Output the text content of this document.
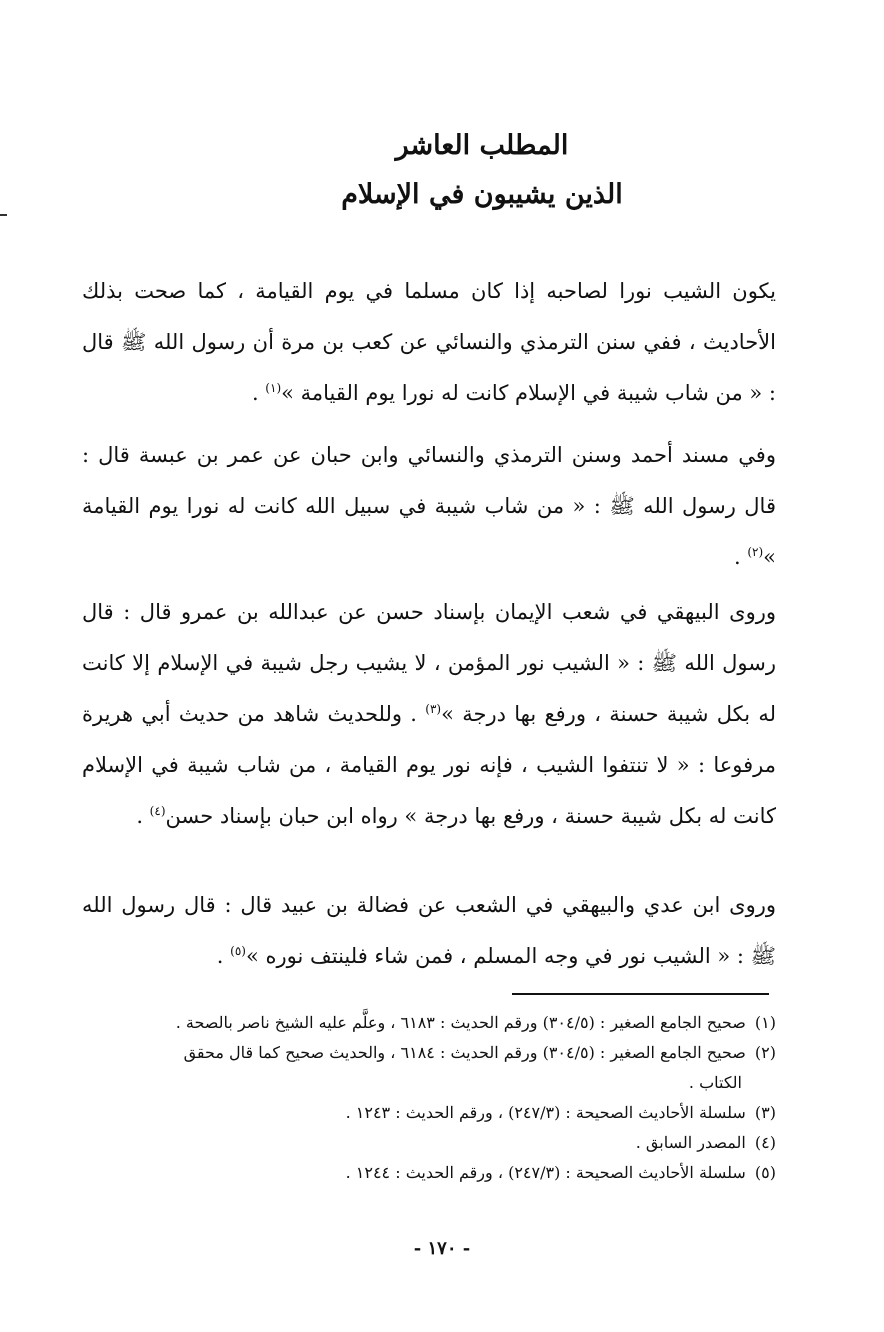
المطلب العاشر
الذين يشيبون في الإسلام

يكون الشيب نورا لصاحبه إذا كان مسلما في يوم القيامة ، كما صحت بذلك الأحاديث ، ففي سنن الترمذي والنسائي عن كعب بن مرة أن رسول الله ﷺ قال : « من شاب شيبة في الإسلام كانت له نورا يوم القيامة »$^{(١)}$ .

وفي مسند أحمد وسنن الترمذي والنسائي وابن حبان عن عمر بن عبسة قال : قال رسول الله ﷺ : « من شاب شيبة في سبيل الله كانت له نورا يوم القيامة »$^{(٢)}$ .

وروى البيهقي في شعب الإيمان بإسناد حسن عن عبدالله بن عمرو قال : قال رسول الله ﷺ : « الشيب نور المؤمن ، لا يشيب رجل شيبة في الإسلام إلا كانت له بكل شيبة حسنة ، ورفع بها درجة »$^{(٣)}$ . وللحديث شاهد من حديث أبي هريرة مرفوعا : « لا تنتفوا الشيب ، فإنه نور يوم القيامة ، من شاب شيبة في الإسلام كانت له بكل شيبة حسنة ، ورفع بها درجة » رواه ابن حبان بإسناد حسن$^{(٤)}$ .

وروى ابن عدي والبيهقي في الشعب عن فضالة بن عبيد قال : قال رسول الله ﷺ : « الشيب نور في وجه المسلم ، فمن شاء فلينتف نوره »$^{(٥)}$ .

(١) صحيح الجامع الصغير : (٣٠٤/٥) ورقم الحديث : ٦١٨٣ ، وعلَّم عليه الشيخ ناصر بالصحة .
(٢) صحيح الجامع الصغير : (٣٠٤/٥) ورقم الحديث : ٦١٨٤ ، والحديث صحيح كما قال محقق
الكتاب .
(٣) سلسلة الأحاديث الصحيحة : (٢٤٧/٣) ، ورقم الحديث : ١٢٤٣ .
(٤) المصدر السابق .
(٥) سلسلة الأحاديث الصحيحة : (٢٤٧/٣) ، ورقم الحديث : ١٢٤٤ .
- ١٧٠ -
